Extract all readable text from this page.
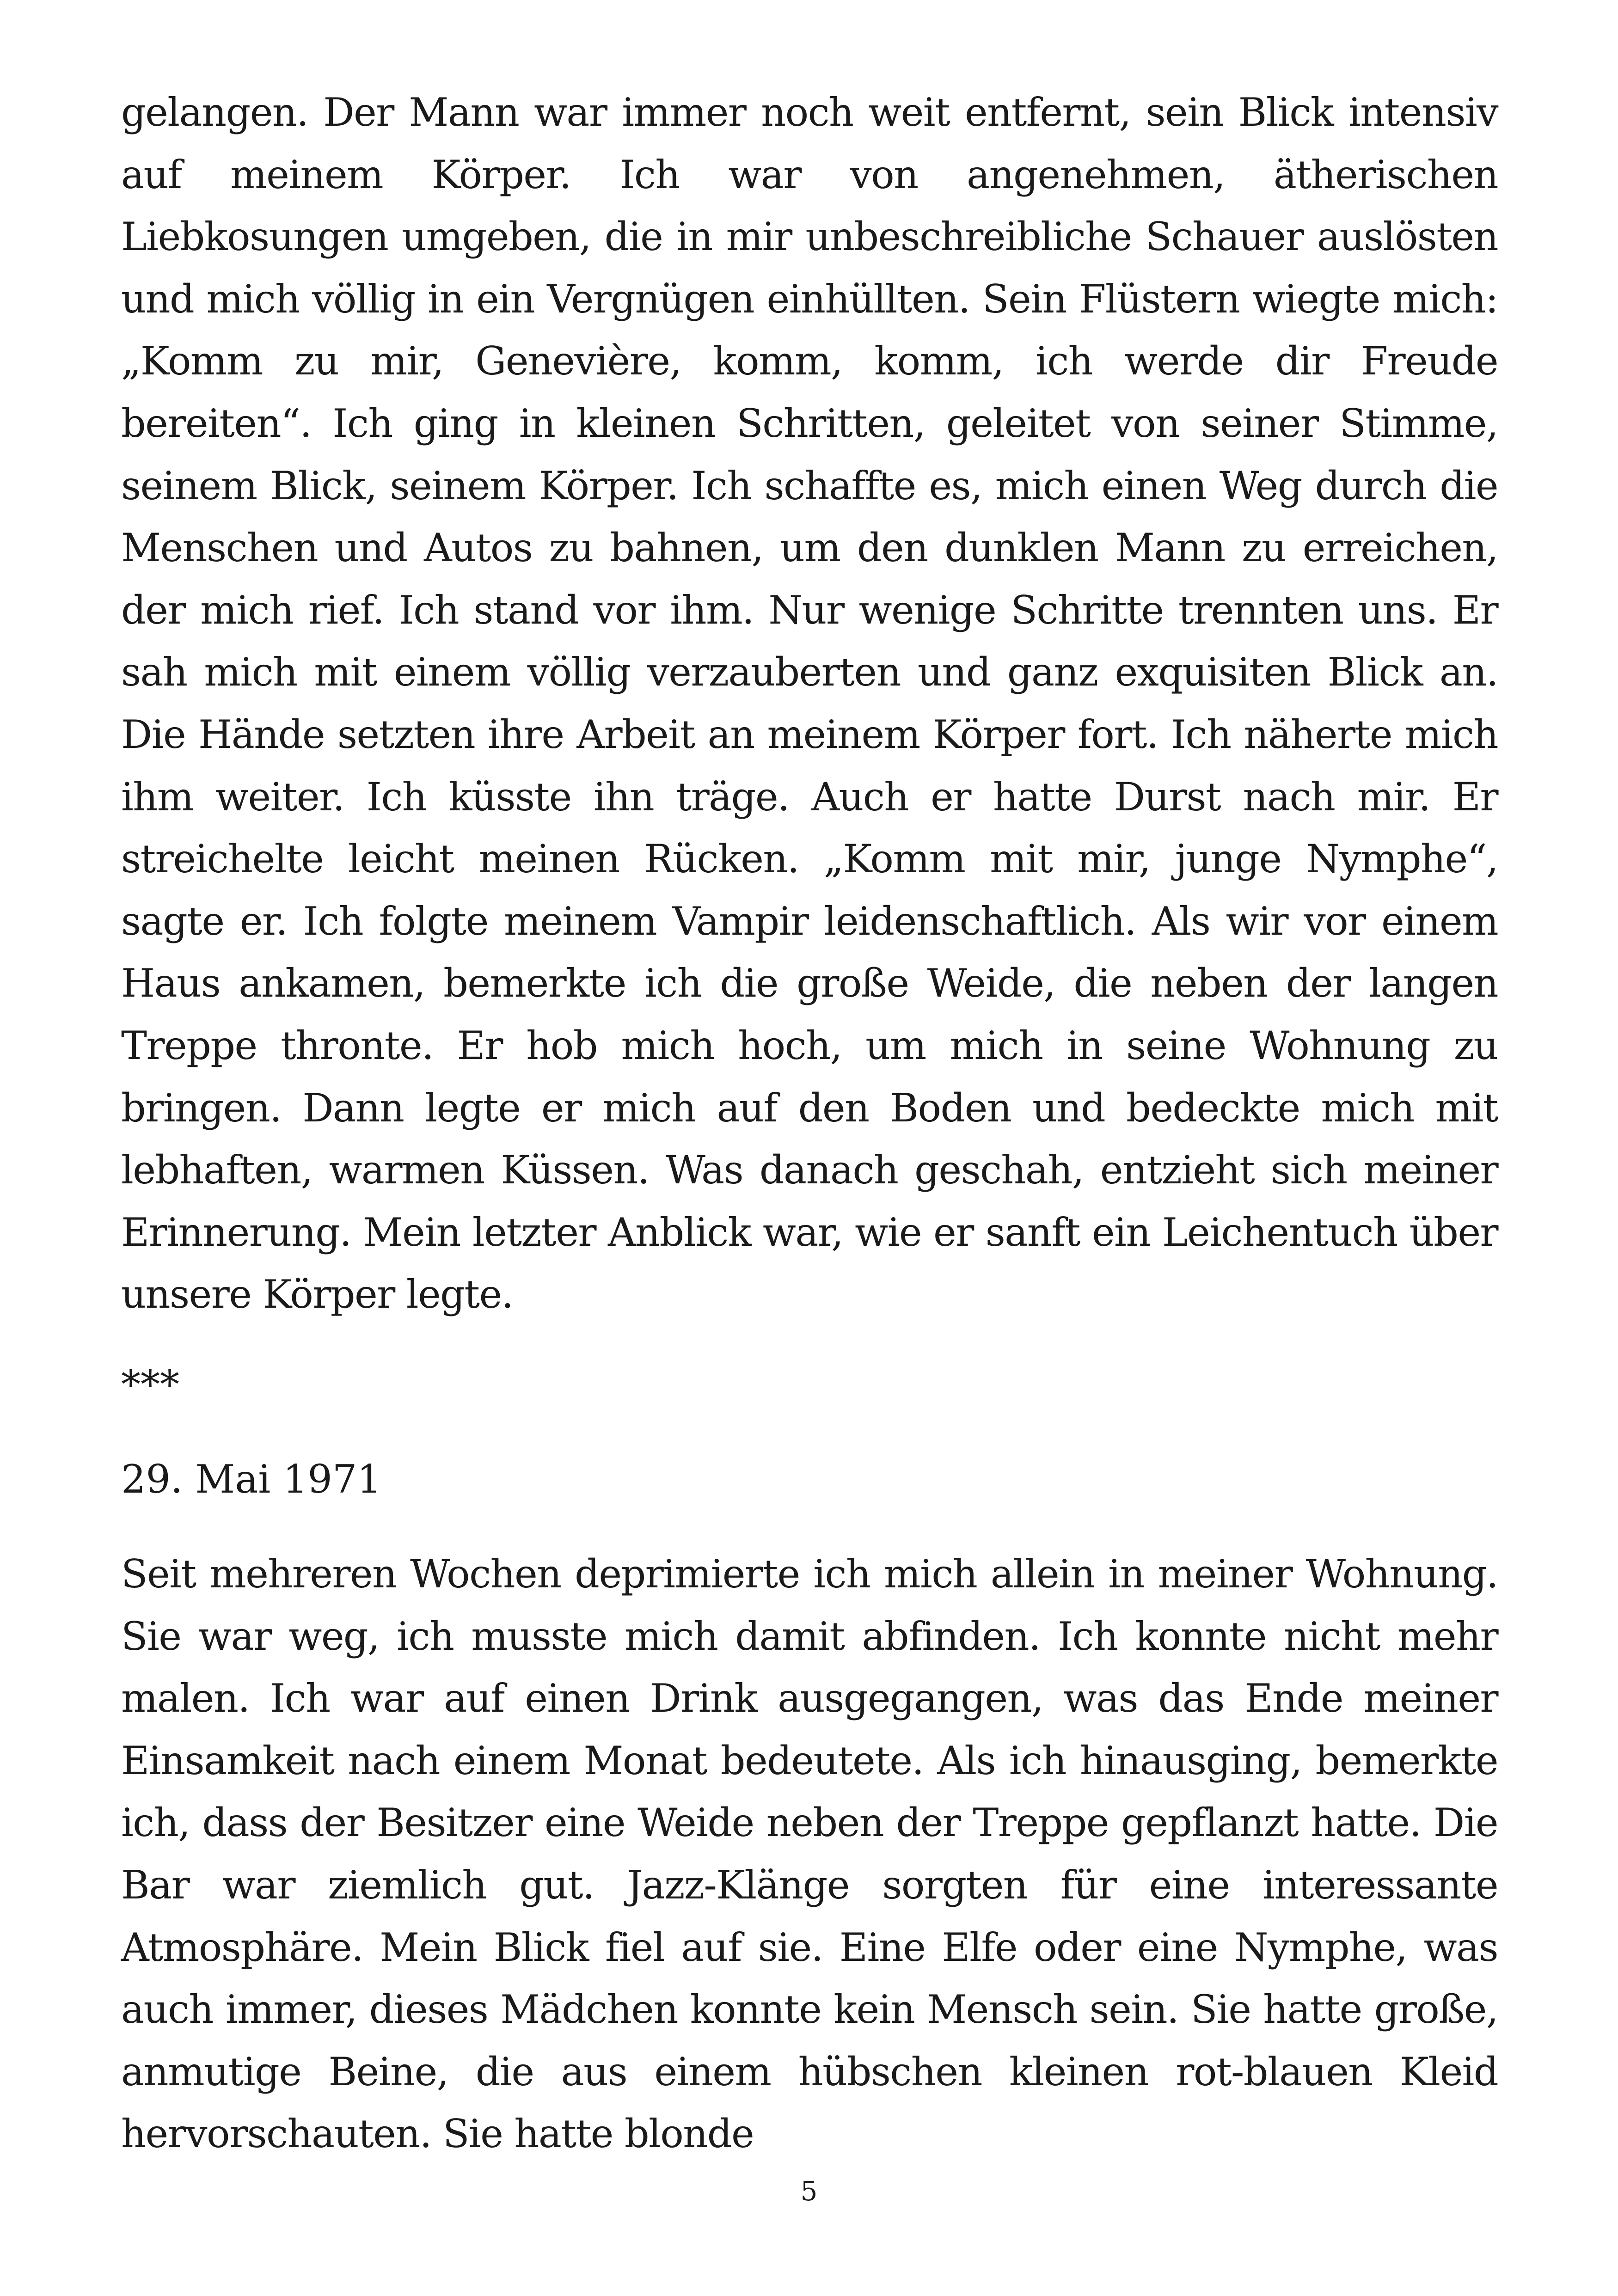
gelangen. Der Mann war immer noch weit entfernt, sein Blick intensiv auf meinem Körper. Ich war von angenehmen, ätherischen Liebkosungen umgeben, die in mir unbeschreibliche Schauer auslösten und mich völlig in ein Vergnügen einhüllten. Sein Flüstern wiegte mich: „Komm zu mir, Genevière, komm, komm, ich werde dir Freude bereiten“. Ich ging in kleinen Schritten, geleitet von seiner Stimme, seinem Blick, seinem Körper. Ich schaffte es, mich einen Weg durch die Menschen und Autos zu bahnen, um den dunklen Mann zu erreichen, der mich rief. Ich stand vor ihm. Nur wenige Schritte trennten uns. Er sah mich mit einem völlig verzauberten und ganz exquisiten Blick an. Die Hände setzten ihre Arbeit an meinem Körper fort. Ich näherte mich ihm weiter. Ich küsste ihn träge. Auch er hatte Durst nach mir. Er streichelte leicht meinen Rücken. „Komm mit mir, junge Nymphe“, sagte er. Ich folgte meinem Vampir leidenschaftlich. Als wir vor einem Haus ankamen, bemerkte ich die große Weide, die neben der langen Treppe thronte. Er hob mich hoch, um mich in seine Wohnung zu bringen. Dann legte er mich auf den Boden und bedeckte mich mit lebhaften, warmen Küssen. Was danach geschah, entzieht sich meiner Erinnerung. Mein letzter Anblick war, wie er sanft ein Leichentuch über unsere Körper legte.

***

29. Mai 1971

Seit mehreren Wochen deprimierte ich mich allein in meiner Wohnung. Sie war weg, ich musste mich damit abfinden. Ich konnte nicht mehr malen. Ich war auf einen Drink ausgegangen, was das Ende meiner Einsamkeit nach einem Monat bedeutete. Als ich hinausging, bemerkte ich, dass der Besitzer eine Weide neben der Treppe gepflanzt hatte. Die Bar war ziemlich gut. Jazz-Klänge sorgten für eine interessante Atmosphäre. Mein Blick fiel auf sie. Eine Elfe oder eine Nymphe, was auch immer, dieses Mädchen konnte kein Mensch sein. Sie hatte große, anmutige Beine, die aus einem hübschen kleinen rot-blauen Kleid hervorschauten. Sie hatte blonde

5
